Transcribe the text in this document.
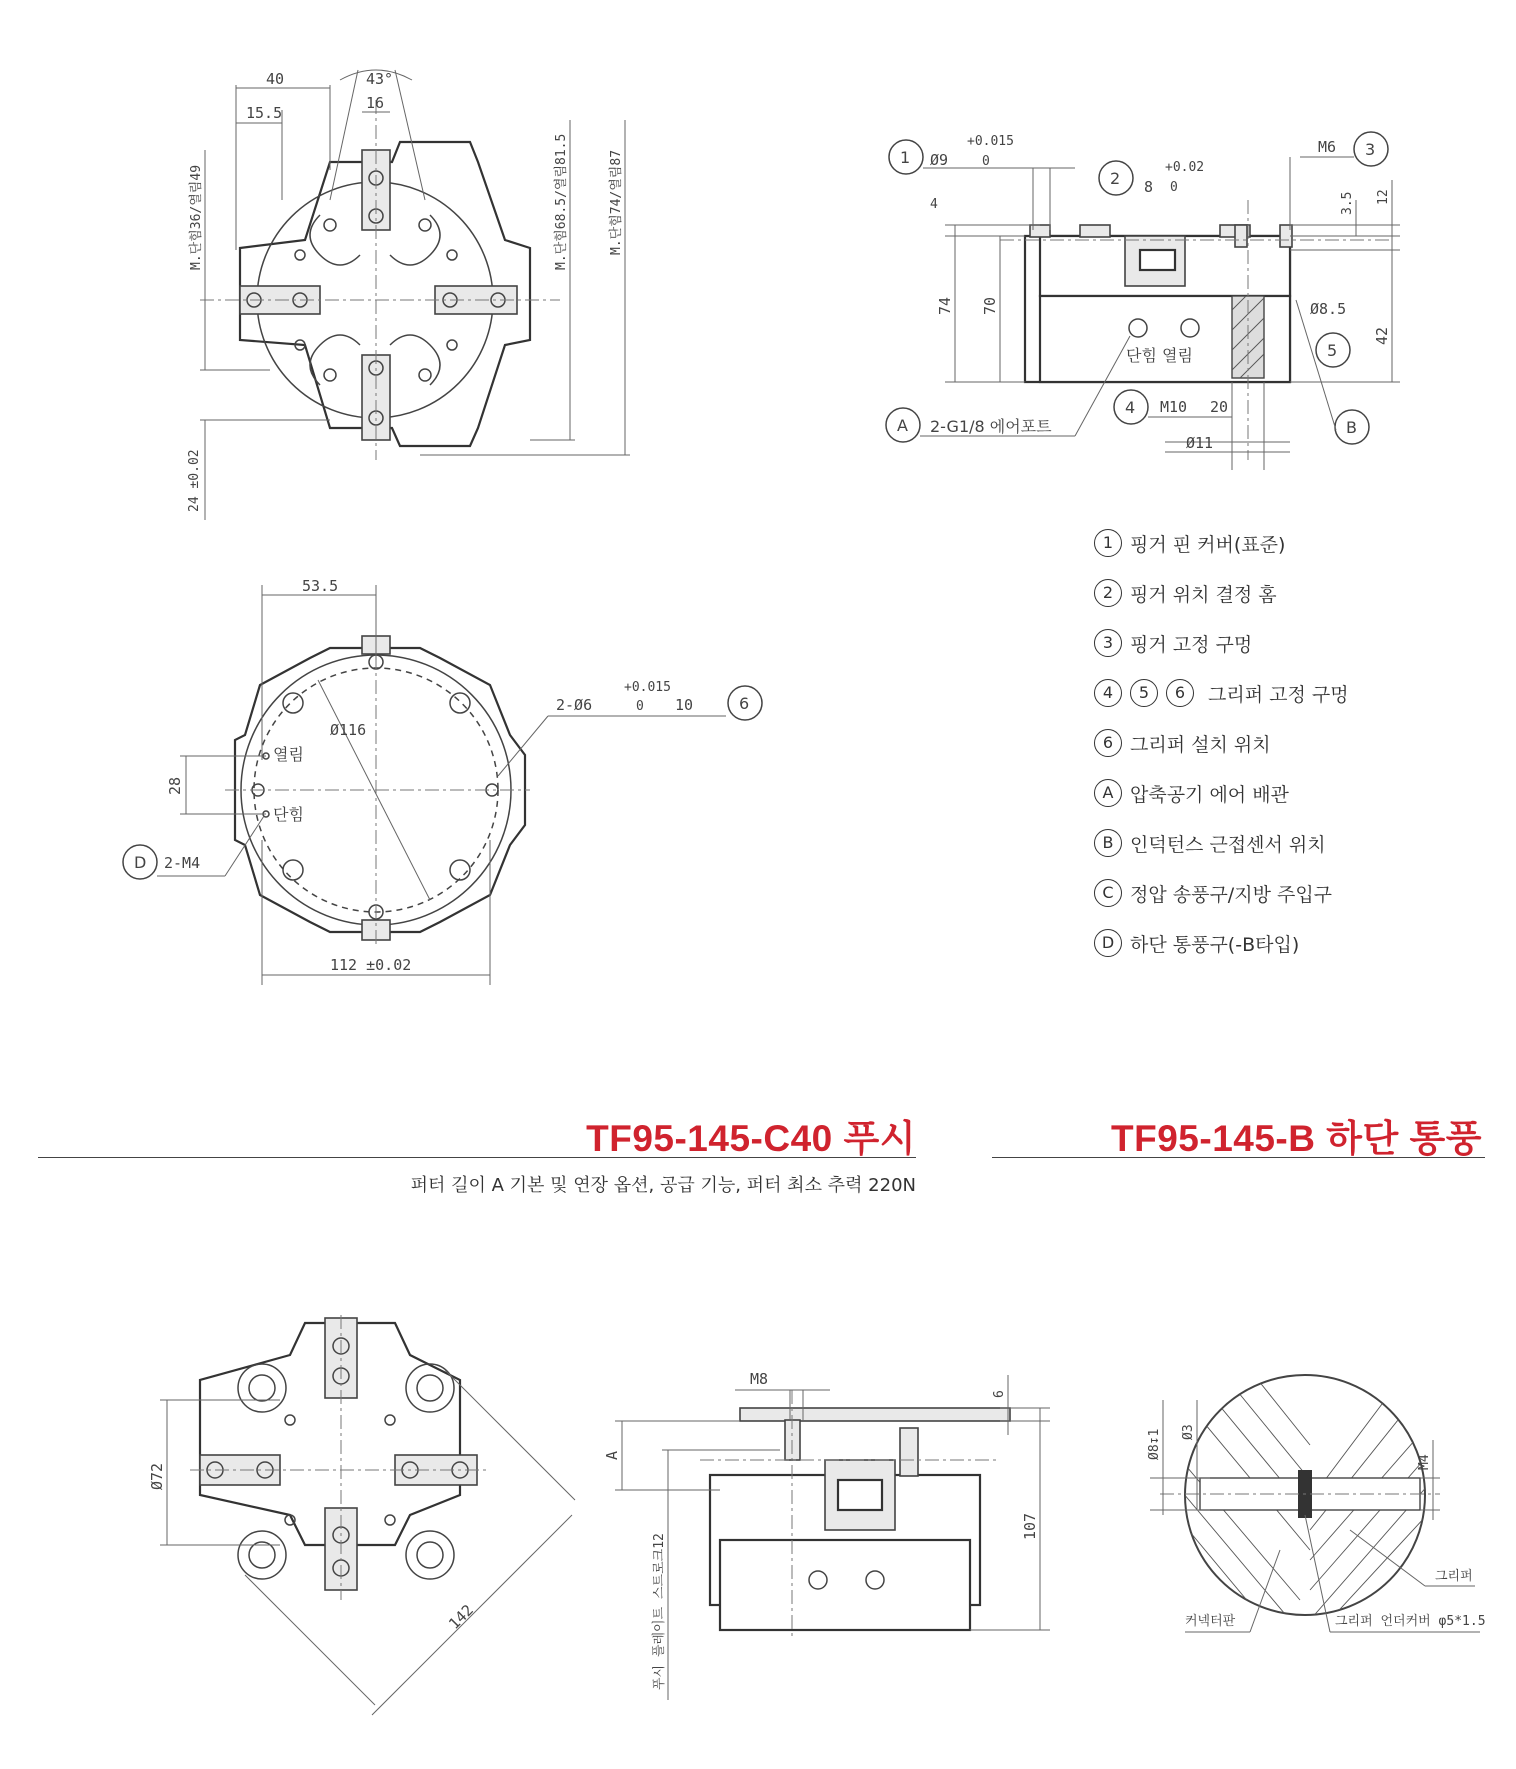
40
15.5
16
43°
M.단힘36/열림49
24 ±0.02
M.단힘68.5/열림81.5	M.단힘74/열림87	1 Ø9
+0.015
0
2 8
+0.02
0
M6 3
4
74 70
3.5 12
42
Ø8.5
5
단힘 열림
4 M10 20
Ø11
A 2-G1/8 에어포트	B
Ø116
53.5
2-Ø6
+0.015
0 10	6
열림
단힘
28
D 2-M4
112 ±0.02
Ø72
142
M8
6
107
A
푸시 플레이트 스트로크12
Ø8↧1 Ø3
M4
그리퍼
커넥터판	그리퍼 언더커버 φ5*1.5
1 핑거 핀 커버(표준)
2 핑거 위치 결정 홈
3 핑거 고정 구멍
4	5	6	그리퍼 고정 구멍
6 그리퍼 설치 위치
A 압축공기 에어 배관
B 인덕턴스 근접센서 위치
C 정압 송풍구/지방 주입구
D 하단 통풍구(-B타입)
TF95-145-C40 푸시
퍼터 길이 A 기본 및 연장 옵션, 공급 기능, 퍼터 최소 추력 220N
TF95-145-B 하단 통풍
